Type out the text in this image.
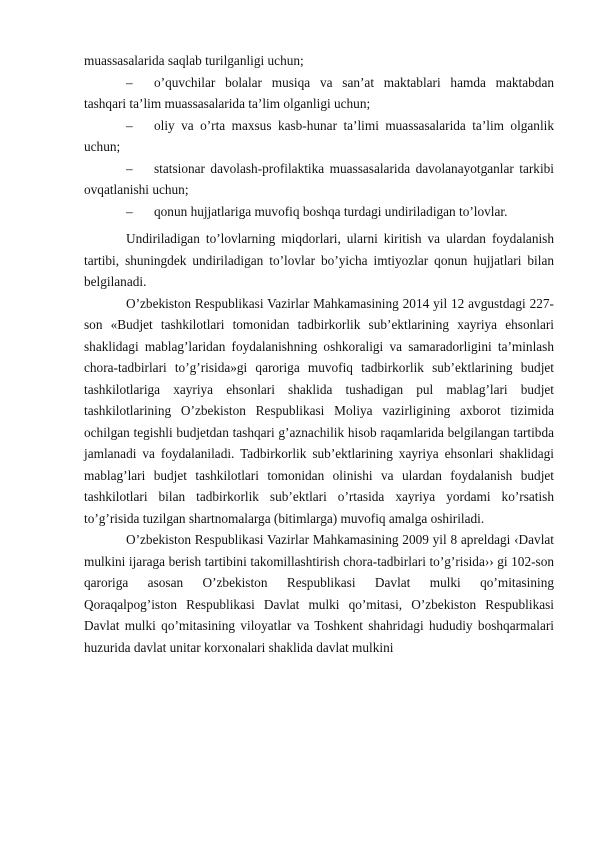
muassasalarida saqlab turilganligi uchun;

– o’quvchilar bolalar musiqa va san’at maktablari hamda maktabdan tashqari ta’lim muassasalarida ta’lim olganligi uchun;

– oliy va o’rta maxsus kasb-hunar ta’limi muassasalarida ta’lim olganlik uchun;

– statsionar davolash-profilaktika muassasalarida davolanayotganlar tarkibi ovqatlanishi uchun;

– qonun hujjatlariga muvofiq boshqa turdagi undiriladigan to’lovlar.

Undiriladigan to’lovlarning miqdorlari, ularni kiritish va ulardan foydalanish tartibi, shuningdek undiriladigan to’lovlar bo’yicha imtiyozlar qonun hujjatlari bilan belgilanadi.

O’zbekiston Respublikasi Vazirlar Mahkamasining 2014 yil 12 avgustdagi 227-son «Budjet tashkilotlari tomonidan tadbirkorlik sub’ektlarining xayriya ehsonlari shaklidagi mablag’laridan foydalanishning oshkoraligi va samaradorligini ta’minlash chora-tadbirlari to’g’risida»gi qaroriga muvofiq tadbirkorlik sub’ektlarining budjet tashkilotlariga xayriya ehsonlari shaklida tushadigan pul mablag’lari budjet tashkilotlarining O’zbekiston Respublikasi Moliya vazirligining axborot tizimida ochilgan tegishli budjetdan tashqari g’aznachilik hisob raqamlarida belgilangan tartibda jamlanadi va foydalaniladi. Tadbirkorlik sub’ektlarining xayriya ehsonlari shaklidagi mablag’lari budjet tashkilotlari tomonidan olinishi va ulardan foydalanish budjet tashkilotlari bilan tadbirkorlik sub’ektlari o’rtasida xayriya yordami ko’rsatish to’g’risida tuzilgan shartnomalarga (bitimlarga) muvofiq amalga oshiriladi.

O’zbekiston Respublikasi Vazirlar Mahkamasining 2009 yil 8 apreldagi ‹Davlat mulkini ijaraga berish tartibini takomillashtirish chora-tadbirlari to’g’risida›› gi 102-son qaroriga asosan O’zbekiston Respublikasi Davlat mulki qo’mitasining Qoraqalpog’iston Respublikasi Davlat mulki qo’mitasi, O’zbekiston Respublikasi Davlat mulki qo’mitasining viloyatlar va Toshkent shahridagi hududiy boshqarmalari huzurida davlat unitar korxonalari shaklida davlat mulkini
